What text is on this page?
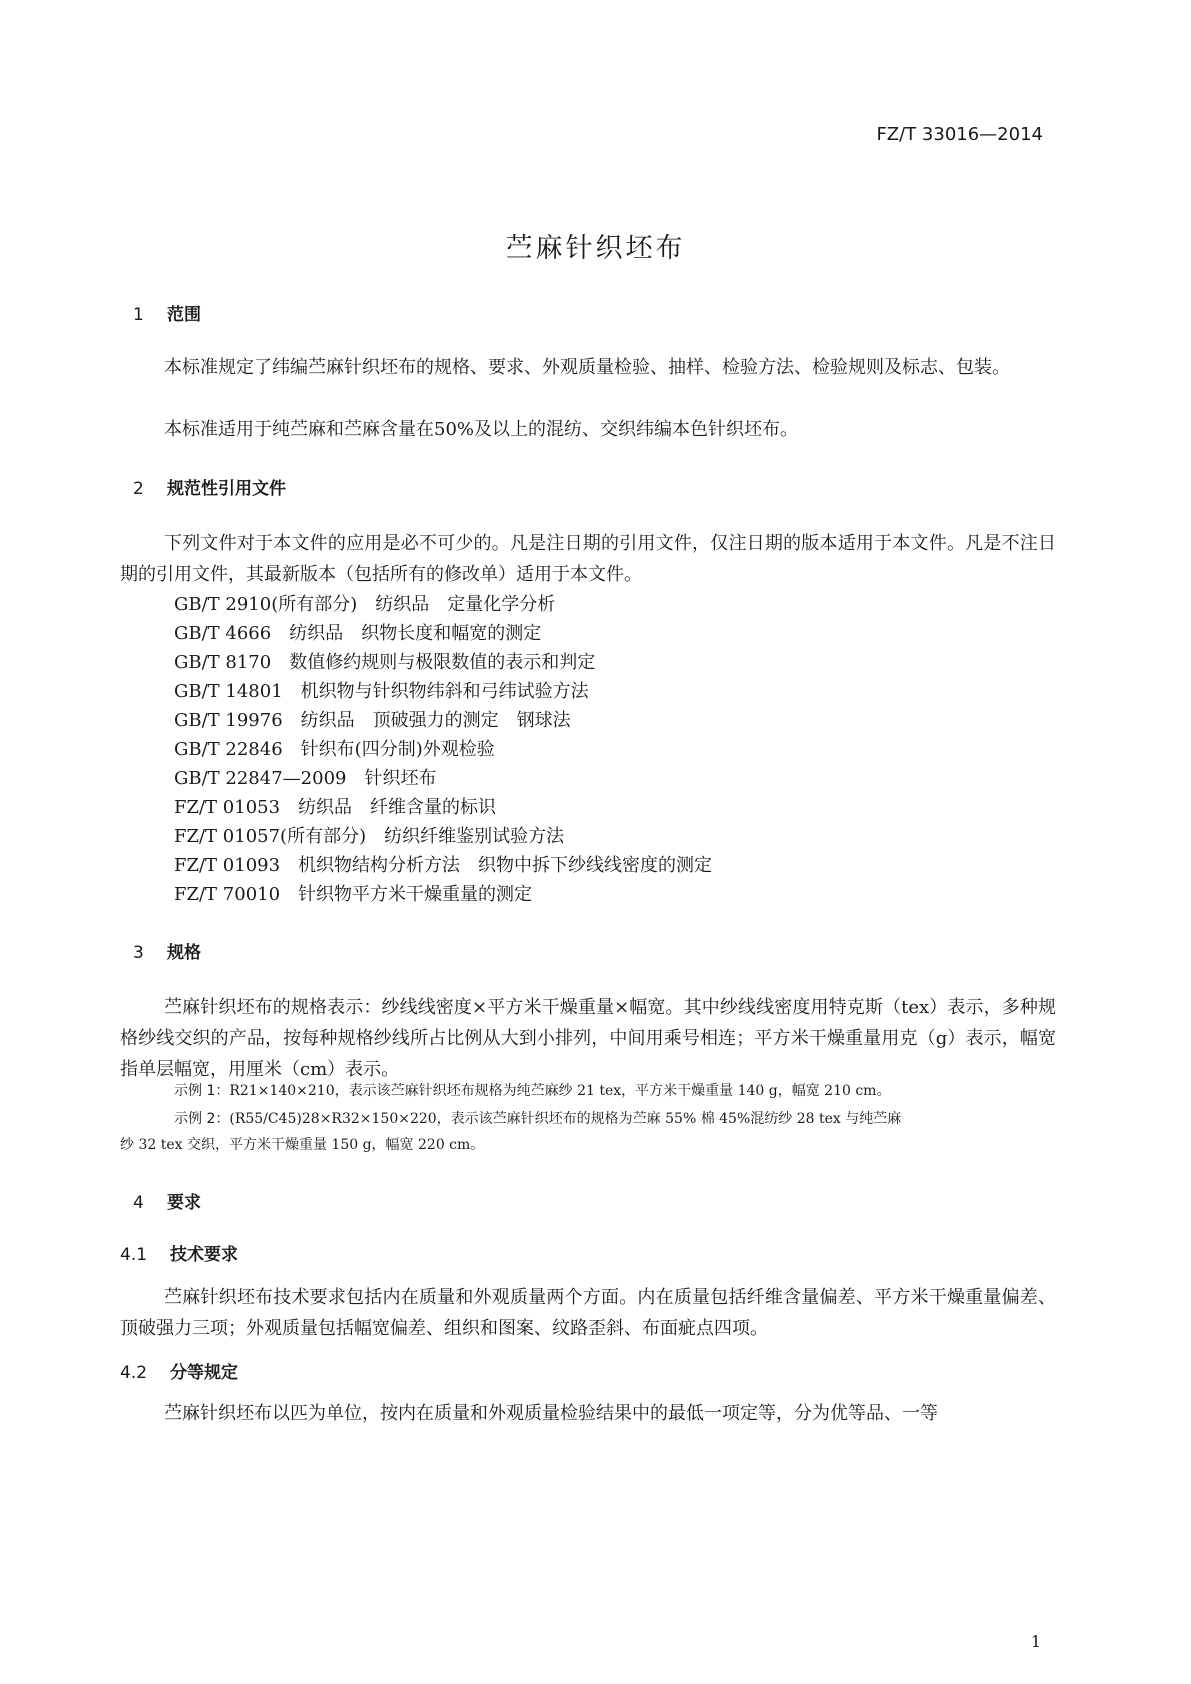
FZ/T 33016—2014
苎麻针织坯布
1 范围
本标准规定了纬编苎麻针织坯布的规格、要求、外观质量检验、抽样、检验方法、检验规则及标志、包装。
本标准适用于纯苎麻和苎麻含量在50%及以上的混纺、交织纬编本色针织坯布。
2 规范性引用文件
下列文件对于本文件的应用是必不可少的。凡是注日期的引用文件，仅注日期的版本适用于本文件。凡是不注日期的引用文件，其最新版本（包括所有的修改单）适用于本文件。
GB/T 2910(所有部分) 纺织品　定量化学分析
GB/T 4666 纺织品　织物长度和幅宽的测定
GB/T 8170 数值修约规则与极限数值的表示和判定
GB/T 14801 机织物与针织物纬斜和弓纬试验方法
GB/T 19976 纺织品　顶破强力的测定　钢球法
GB/T 22846 针织布(四分制)外观检验
GB/T 22847—2009 针织坯布
FZ/T 01053 纺织品　纤维含量的标识
FZ/T 01057(所有部分) 纺织纤维鉴别试验方法
FZ/T 01093 机织物结构分析方法　织物中拆下纱线线密度的测定
FZ/T 70010 针织物平方米干燥重量的测定
3 规格
苎麻针织坯布的规格表示：纱线线密度×平方米干燥重量×幅宽。其中纱线线密度用特克斯（tex）表示，多种规格纱线交织的产品，按每种规格纱线所占比例从大到小排列，中间用乘号相连；平方米干燥重量用克（g）表示，幅宽指单层幅宽，用厘米（cm）表示。
示例 1：R21×140×210，表示该苎麻针织坯布规格为纯苎麻纱 21 tex，平方米干燥重量 140 g，幅宽 210 cm。
示例 2：(R55/C45)28×R32×150×220，表示该苎麻针织坯布的规格为苎麻 55% 棉 45%混纺纱 28 tex 与纯苎麻
纱 32 tex 交织，平方米干燥重量 150 g，幅宽 220 cm。
4 要求
4.1 技术要求
苎麻针织坯布技术要求包括内在质量和外观质量两个方面。内在质量包括纤维含量偏差、平方米干燥重量偏差、顶破强力三项；外观质量包括幅宽偏差、组织和图案、纹路歪斜、布面疵点四项。
4.2 分等规定
苎麻针织坯布以匹为单位，按内在质量和外观质量检验结果中的最低一项定等，分为优等品、一等
1
